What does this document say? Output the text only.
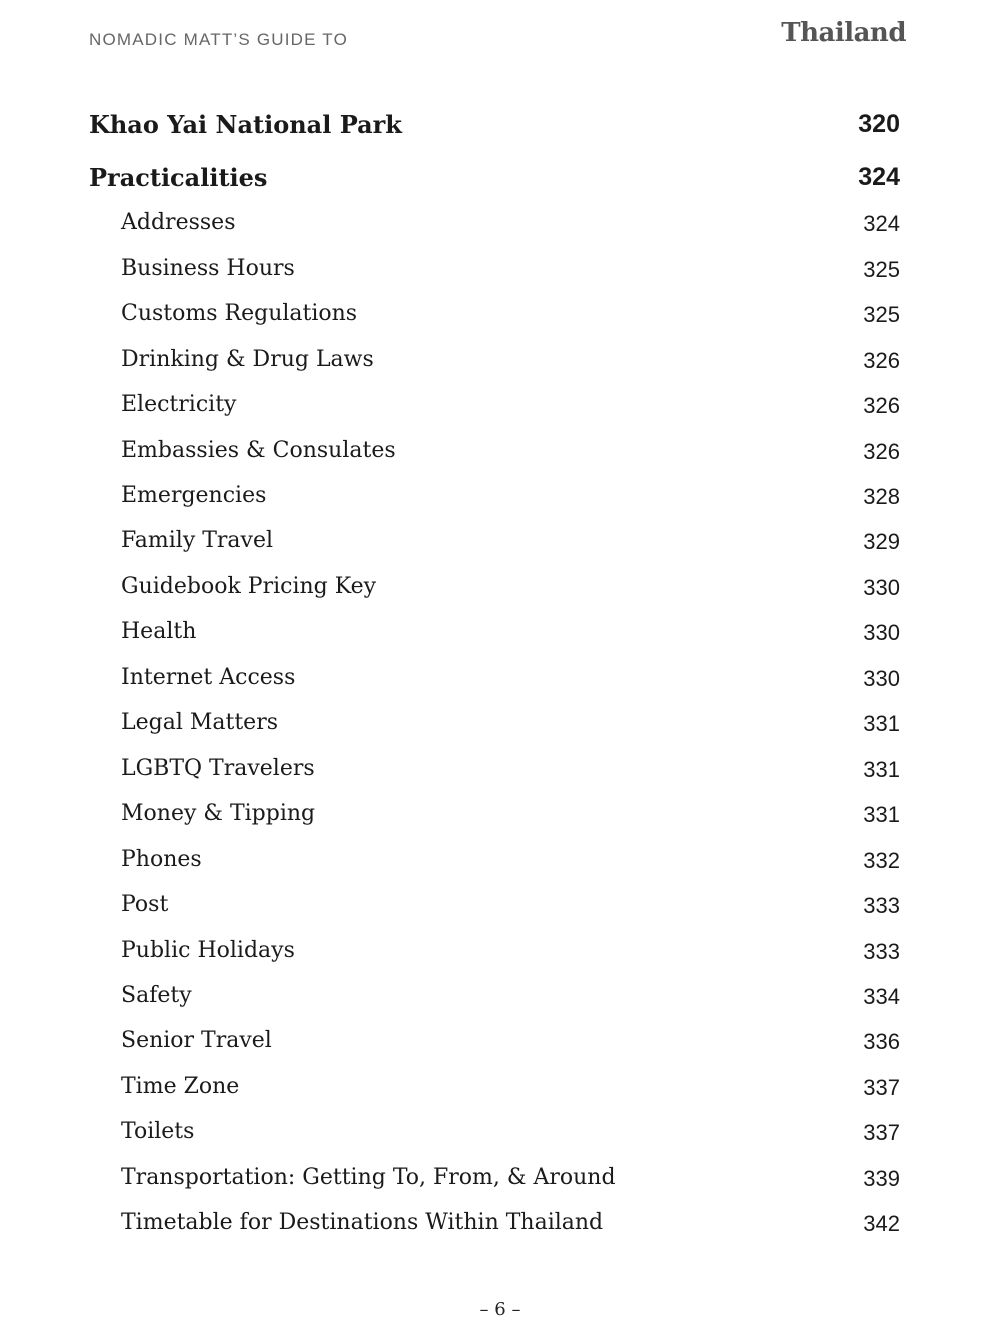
NOMADIC MATT’S GUIDE TO	Thailand
Khao Yai National Park	320
Practicalities	324
Addresses	324
Business Hours	325
Customs Regulations	325
Drinking & Drug Laws	326
Electricity	326
Embassies & Consulates	326
Emergencies	328
Family Travel	329
Guidebook Pricing Key	330
Health	330
Internet Access	330
Legal Matters	331
LGBTQ Travelers	331
Money & Tipping	331
Phones	332
Post	333
Public Holidays	333
Safety	334
Senior Travel	336
Time Zone	337
Toilets	337
Transportation: Getting To, From, & Around	339
Timetable for Destinations Within Thailand	342
– 6 –
